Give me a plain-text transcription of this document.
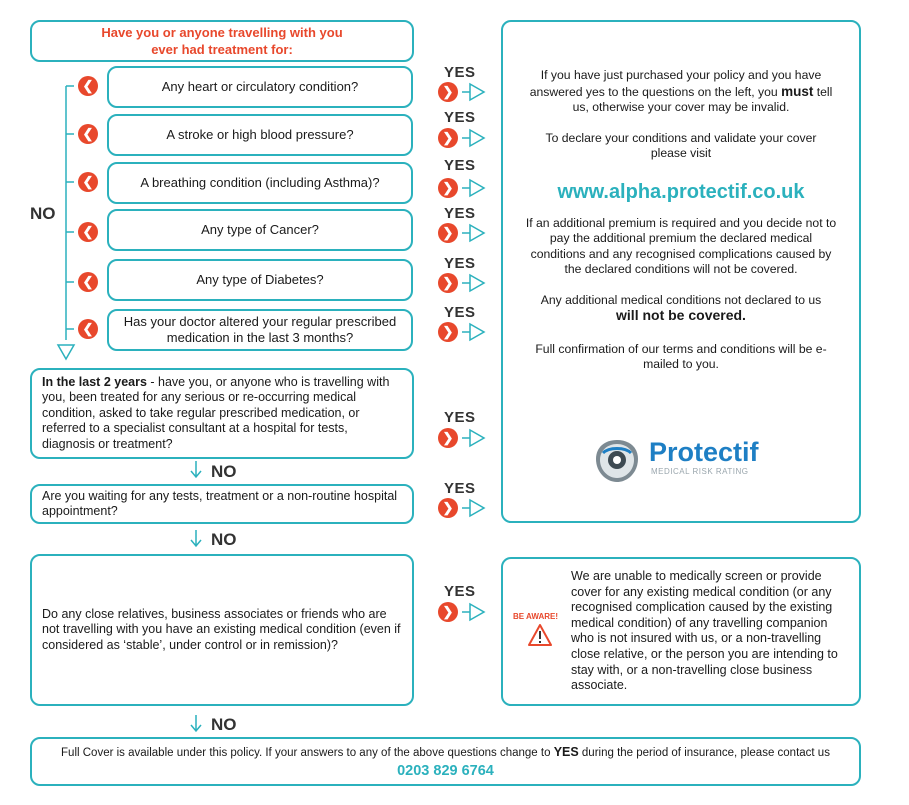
Have you or anyone travelling with you
ever had treatment for:
NO
Any heart or circulatory condition?
A stroke or high blood pressure?
A breathing condition (including Asthma)?
Any type of Cancer?
Any type of Diabetes?
Has your doctor altered your regular prescribed medication in the last 3 months?
❮
❮
❮
❮
❮
❮
YES
YES
YES
YES
YES
YES
YES
YES
YES
❯
❯
❯
❯
❯
❯
❯
❯
❯
In the last 2 years - have you, or anyone who is travelling with you, been treated for any serious or re-occurring medical condition, asked to take regular prescribed medication, or referred to a specialist consultant at a hospital for tests, diagnosis or treatment?
NO
Are you waiting for any tests, treatment or a non-routine hospital appointment?
NO
Do any close relatives, business associates or friends who are not travelling with you have an existing medical condition (even if considered as ‘stable’, under control or in remission)?
NO

If you have just purchased your policy and you have answered yes to the questions on the left, you must tell us, otherwise your cover may be invalid.

To declare your conditions and validate your cover please visit

www.alpha.protectif.co.uk

If an additional premium is required and you decide not to pay the additional premium the declared medical conditions and any recognised complications caused by the declared conditions will not be covered.

Any additional medical conditions not declared to us
will not be covered.

Full confirmation of our terms and conditions will be e-mailed to you.

Protectif
MEDICAL RISK RATING
BE AWARE!
We are unable to medically screen or provide cover for any existing medical condition (or any recognised complication caused by the existing medical condition) of any travelling companion who is not insured with us, or a non-travelling close relative, or the person you are intending to stay with, or a non-travelling close business associate.
Full Cover is available under this policy. If your answers to any of the above questions change to YES during the period of insurance, please contact us
0203 829 6764
